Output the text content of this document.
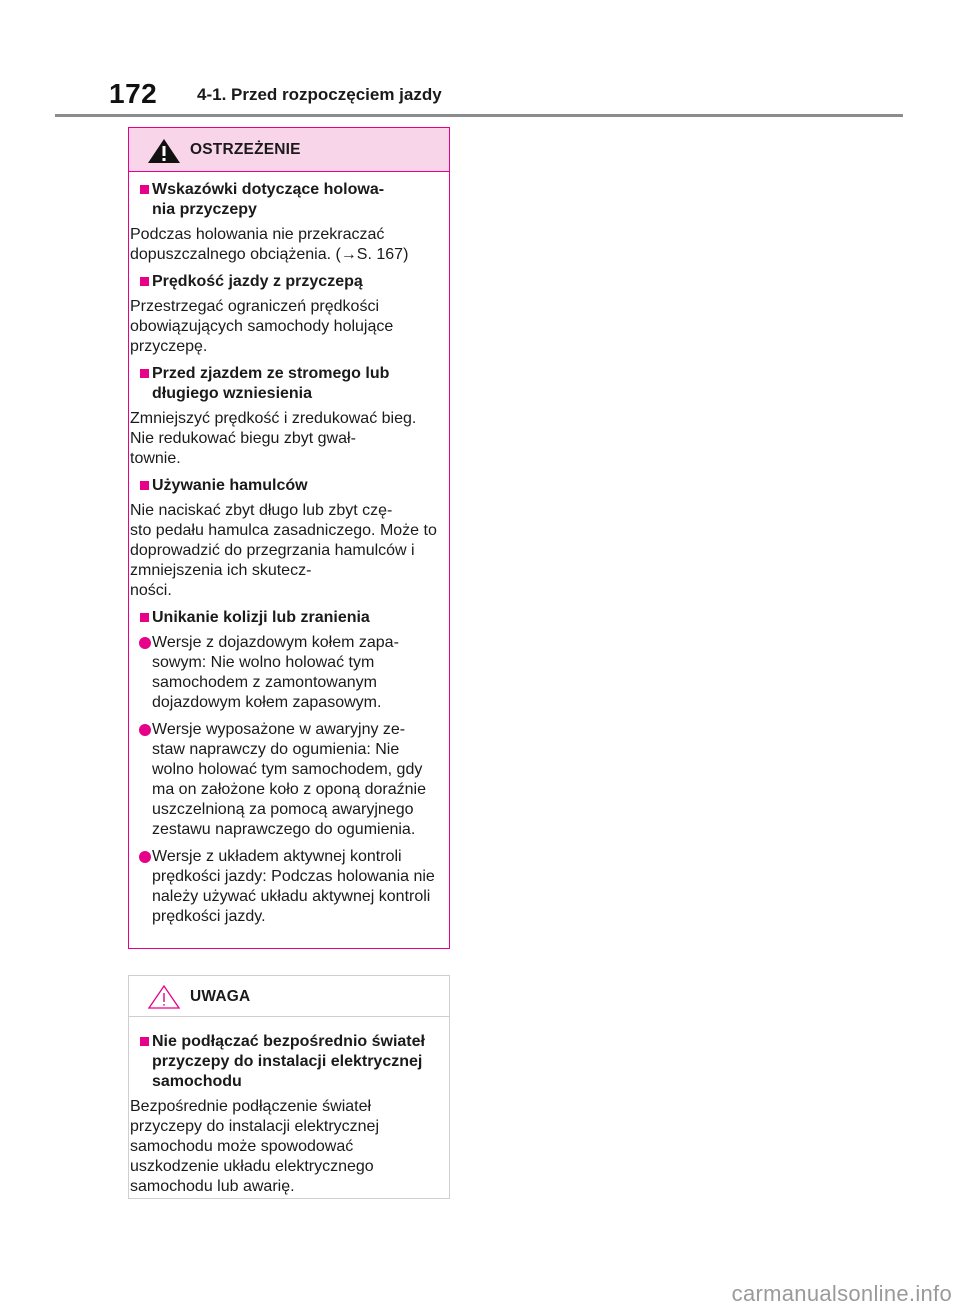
172 4-1. Przed rozpoczęciem jazdy
OSTRZEŻENIE
Wskazówki dotyczące holowa-
nia przyczepy
Podczas holowania nie przekraczać dopuszczalnego obciążenia. (→S. 167)
Prędkość jazdy z przyczepą
Przestrzegać ograniczeń prędkości obowiązujących samochody holujące przyczepę.
Przed zjazdem ze stromego lub
długiego wzniesienia
Zmniejszyć prędkość i zredukować bieg. Nie redukować biegu zbyt gwał-
townie.
Używanie hamulców
Nie naciskać zbyt długo lub zbyt czę-
sto pedału hamulca zasadniczego. Może to doprowadzić do przegrzania hamulców i zmniejszenia ich skutecz-
ności.
Unikanie kolizji lub zranienia
Wersje z dojazdowym kołem zapa-
sowym: Nie wolno holować tym samochodem z zamontowanym dojazdowym kołem zapasowym.
Wersje wyposażone w awaryjny ze-
staw naprawczy do ogumienia: Nie wolno holować tym samochodem, gdy ma on założone koło z oponą doraźnie uszczelnioną za pomocą awaryjnego zestawu naprawczego do ogumienia.
Wersje z układem aktywnej kontroli prędkości jazdy: Podczas holowania nie należy używać układu aktywnej kontroli prędkości jazdy.
UWAGA
Nie podłączać bezpośrednio świateł przyczepy do instalacji elektrycznej samochodu
Bezpośrednie podłączenie świateł przyczepy do instalacji elektrycznej samochodu może spowodować uszkodzenie układu elektrycznego samochodu lub awarię.
carmanualsonline.info
